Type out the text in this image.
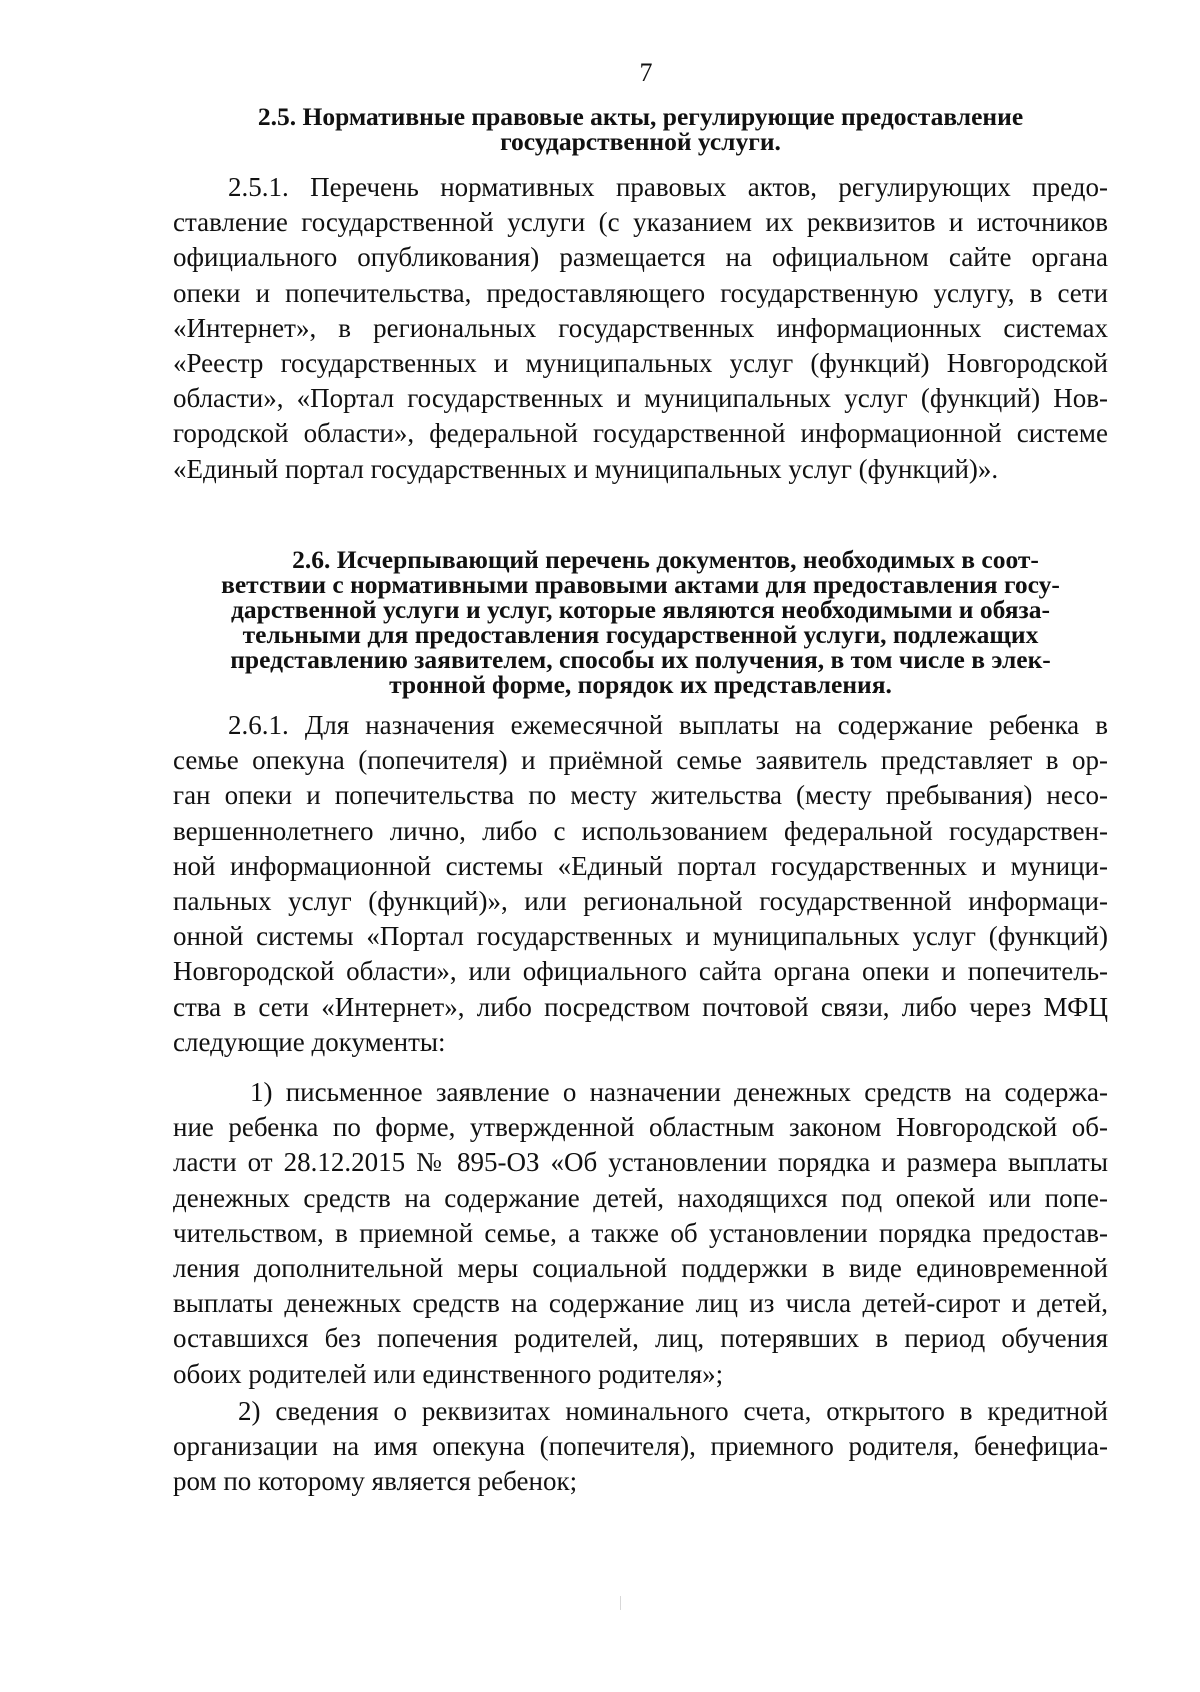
7
2.5. Нормативные правовые акты, регулирующие предоставление
государственной услуги.
2.5.1. Перечень нормативных правовых актов, регулирующих предо-
ставление государственной услуги (с указанием их реквизитов и источников
официального опубликования) размещается на официальном сайте органа
опеки и попечительства, предоставляющего государственную услугу, в сети
«Интернет», в региональных государственных информационных системах
«Реестр государственных и муниципальных услуг (функций) Новгородской
области», «Портал государственных и муниципальных услуг (функций) Нов-
городской области», федеральной государственной информационной системе
«Единый портал государственных и муниципальных услуг (функций)».
2.6. Исчерпывающий перечень документов, необходимых в соот-
ветствии с нормативными правовыми актами для предоставления госу-
дарственной услуги и услуг, которые являются необходимыми и обяза-
тельными для предоставления государственной услуги, подлежащих
представлению заявителем, способы их получения, в том числе в элек-
тронной форме, порядок их представления.
2.6.1. Для назначения ежемесячной выплаты на содержание ребенка в
семье опекуна (попечителя) и приёмной семье заявитель представляет в ор-
ган опеки и попечительства по месту жительства (месту пребывания) несо-
вершеннолетнего лично, либо с использованием федеральной государствен-
ной информационной системы «Единый портал государственных и муници-
пальных услуг (функций)», или региональной государственной информаци-
онной системы «Портал государственных и муниципальных услуг (функций)
Новгородской области», или официального сайта органа опеки и попечитель-
ства в сети «Интернет», либо посредством почтовой связи, либо через МФЦ
следующие документы:
1) письменное заявление о назначении денежных средств на содержа-
ние ребенка по форме, утвержденной областным законом Новгородской об-
ласти от 28.12.2015 № 895-ОЗ «Об установлении порядка и размера выплаты
денежных средств на содержание детей, находящихся под опекой или попе-
чительством, в приемной семье, а также об установлении порядка предостав-
ления дополнительной меры социальной поддержки в виде единовременной
выплаты денежных средств на содержание лиц из числа детей-сирот и детей,
оставшихся без попечения родителей, лиц, потерявших в период обучения
обоих родителей или единственного родителя»;
2) сведения о реквизитах номинального счета, открытого в кредитной
организации на имя опекуна (попечителя), приемного родителя, бенефициа-
ром по которому является ребенок;
